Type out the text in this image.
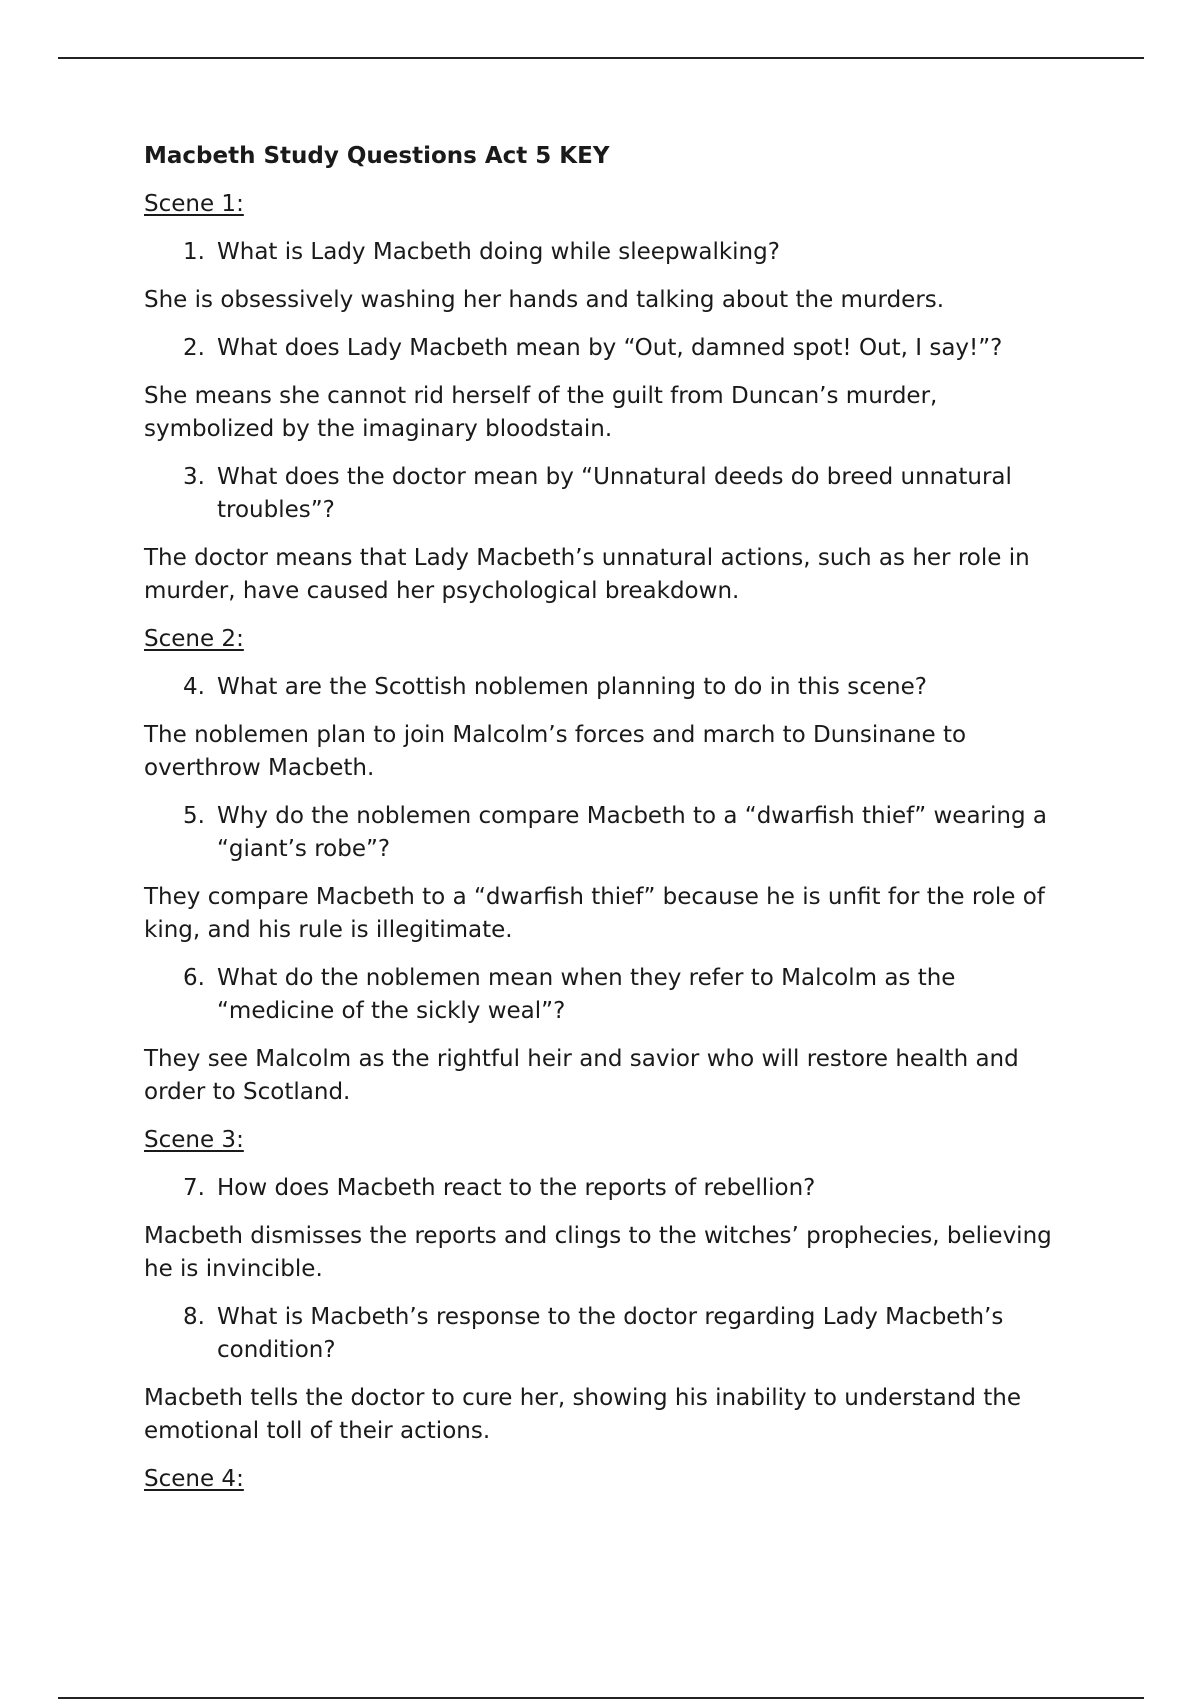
Macbeth Study Questions Act 5 KEY
Scene 1:
1. What is Lady Macbeth doing while sleepwalking?
She is obsessively washing her hands and talking about the murders.
2. What does Lady Macbeth mean by “Out, damned spot! Out, I say!”?
She means she cannot rid herself of the guilt from Duncan’s murder, symbolized by the imaginary bloodstain.
3. What does the doctor mean by “Unnatural deeds do breed unnatural troubles”?
The doctor means that Lady Macbeth’s unnatural actions, such as her role in murder, have caused her psychological breakdown.
Scene 2:
4. What are the Scottish noblemen planning to do in this scene?
The noblemen plan to join Malcolm’s forces and march to Dunsinane to overthrow Macbeth.
5. Why do the noblemen compare Macbeth to a “dwarfish thief” wearing a “giant’s robe”?
They compare Macbeth to a “dwarfish thief” because he is unfit for the role of king, and his rule is illegitimate.
6. What do the noblemen mean when they refer to Malcolm as the “medicine of the sickly weal”?
They see Malcolm as the rightful heir and savior who will restore health and order to Scotland.
Scene 3:
7. How does Macbeth react to the reports of rebellion?
Macbeth dismisses the reports and clings to the witches’ prophecies, believing he is invincible.
8. What is Macbeth’s response to the doctor regarding Lady Macbeth’s condition?
Macbeth tells the doctor to cure her, showing his inability to understand the emotional toll of their actions.
Scene 4:
